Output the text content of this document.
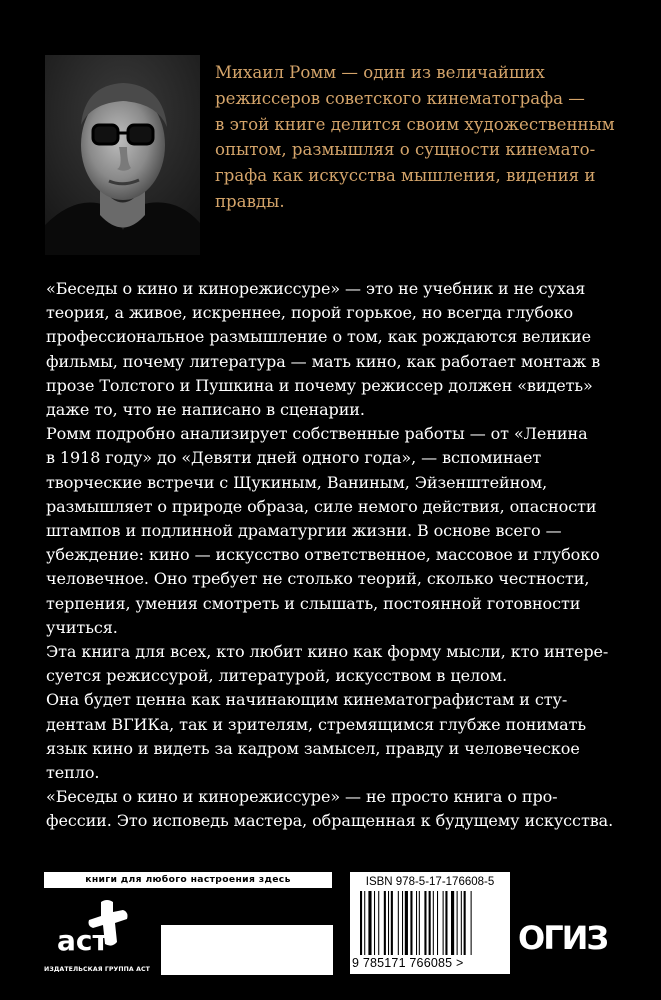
Михаил Ромм — один из величайших
режиссеров советского кинематографа —
в этой книге делится своим художественным
опытом, размышляя о сущности кинемато-
графа как искусства мышления, видения и
правды.
«Беседы о кино и кинорежиссуре» — это не учебник и не сухая
теория, а живое, искреннее, порой горькое, но всегда глубоко
профессиональное размышление о том, как рождаются великие
фильмы, почему литература — мать кино, как работает монтаж в
прозе Толстого и Пушкина и почему режиссер должен «видеть»
даже то, что не написано в сценарии.
Ромм подробно анализирует собственные работы — от «Ленина
в 1918 году» до «Девяти дней одного года», — вспоминает
творческие встречи с Щукиным, Ваниным, Эйзенштейном,
размышляет о природе образа, силе немого действия, опасности
штампов и подлинной драматургии жизни. В основе всего —
убеждение: кино — искусство ответственное, массовое и глубоко
человечное. Оно требует не столько теорий, сколько честности,
терпения, умения смотреть и слышать, постоянной готовности
учиться.
Эта книга для всех, кто любит кино как форму мысли, кто интере-
суется режиссурой, литературой, искусством в целом.
Она будет ценна как начинающим кинематографистам и сту-
дентам ВГИКа, так и зрителям, стремящимся глубже понимать
язык кино и видеть за кадром замысел, правду и человеческое
тепло.
«Беседы о кино и кинорежиссуре» — не просто книга о про-
фессии. Это исповедь мастера, обращенная к будущему искусства.
книги для любого настроения здесь
аст
ИЗДАТЕЛЬСКАЯ ГРУППА АСТ
ISBN 978-5-17-176608-5
9 785171 766085 >
ОГИЗ
